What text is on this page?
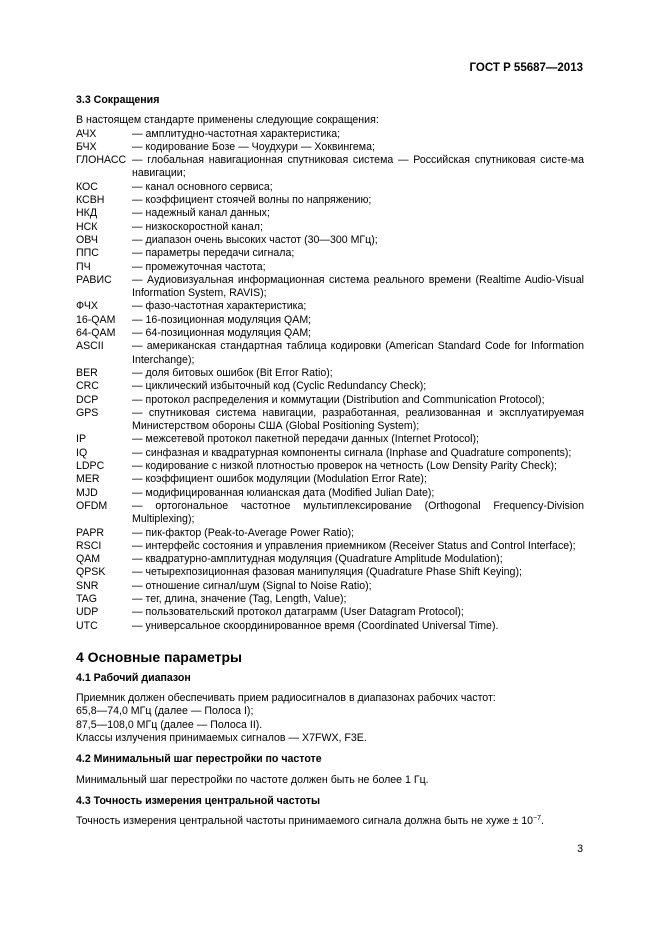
ГОСТ Р 55687—2013
3.3 Сокращения

В настоящем стандарте применены следующие сокращения:

АЧХ	— амплитудно-частотная характеристика;
БЧХ	— кодирование Бозе — Чоудхури — Хоквингема;
ГЛОНАСС — глобальная навигационная спутниковая система — Российская спутниковая систе-ма навигации;
КОС	— канал основного сервиса;
КСВН	— коэффициент стоячей волны по напряжению;
НКД	— надежный канал данных;
НСК	— низкоскоростной канал;
ОВЧ	— диапазон очень высоких частот (30—300 МГц);
ППС	— параметры передачи сигнала;
ПЧ	— промежуточная частота;
РАВИС	— Аудиовизуальная информационная система реального времени (Realtime Audio-Visual Information System, RAVIS);
ФЧХ	— фазо-частотная характеристика;
16-QAM	— 16-позиционная модуляция QAM;
64-QAM	— 64-позиционная модуляция QAM;
ASCII	— американская стандартная таблица кодировки (American Standard Code for Information Interchange);
BER	— доля битовых ошибок (Bit Error Ratio);
CRC	— циклический избыточный код (Cyclic Redundancy Check);
DCP	— протокол распределения и коммутации (Distribution and Communication Protocol);
GPS	— спутниковая система навигации, разработанная, реализованная и эксплуатируемая Министерством обороны США (Global Positioning System);
IP	— межсетевой протокол пакетной передачи данных (Internet Protocol);
IQ	— синфазная и квадратурная компоненты сигнала (Inphase and Quadrature components);
LDPC	— кодирование с низкой плотностью проверок на четность (Low Density Parity Check);
MER	— коэффициент ошибок модуляции (Modulation Error Rate);
MJD	— модифицированная юлианская дата (Modified Julian Date);
OFDM	— ортогональное частотное мультиплексирование (Orthogonal Frequency-Division Multiplexing);
PAPR	— пик-фактор (Peak-to-Average Power Ratio);
RSCI	— интерфейс состояния и управления приемником (Receiver Status and Control Interface);
QAM	— квадратурно-амплитудная модуляция (Quadrature Amplitude Modulation);
QPSK	— четырехпозиционная фазовая манипуляция (Quadrature Phase Shift Keying);
SNR	— отношение сигнал/шум (Signal to Noise Ratio);
TAG	— тег, длина, значение (Tag, Length, Value);
UDP	— пользовательский протокол датаграмм (User Datagram Protocol);
UTC	— универсальное скоординированное время (Coordinated Universal Time).
4 Основные параметры
4.1 Рабочий диапазон

Приемник должен обеспечивать прием радиосигналов в диапазонах рабочих частот:

65,8—74,0 МГц (далее — Полоса I);

87,5—108,0 МГц (далее — Полоса II).

Классы излучения принимаемых сигналов — X7FWX, F3E.

4.2 Минимальный шаг перестройки по частоте

Минимальный шаг перестройки по частоте должен быть не более 1 Гц.

4.3 Точность измерения центральной частоты

Точность измерения центральной частоты принимаемого сигнала должна быть не хуже ± $10^{-7}$.

3
